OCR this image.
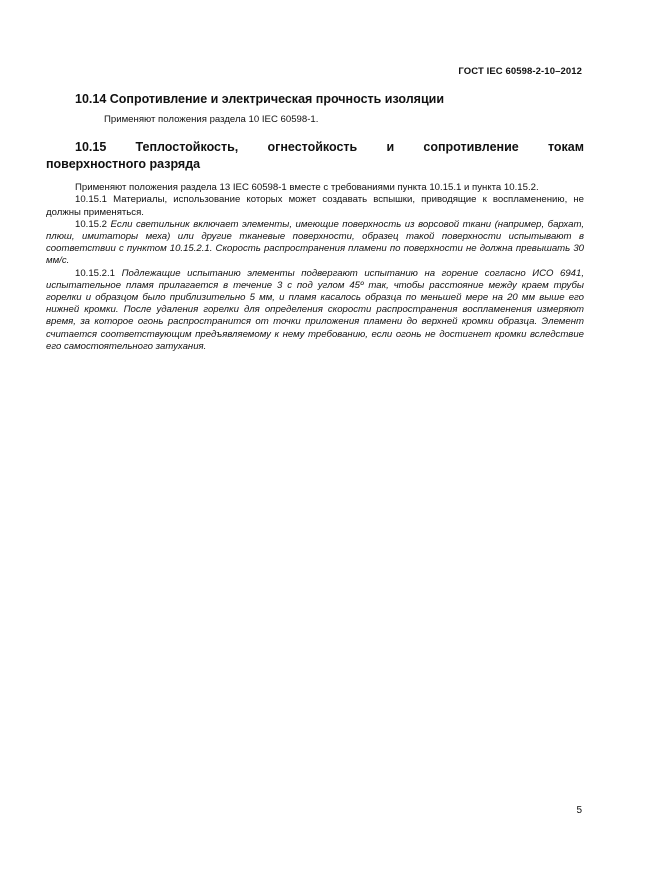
ГОСТ IEC 60598-2-10–2012
10.14 Сопротивление и электрическая прочность изоляции

Применяют положения раздела 10 IEC 60598-1.

10.15 Теплостойкость, огнестойкость и сопротивление токам
поверхностного разряда

Применяют положения раздела 13 IEC 60598-1 вместе с требованиями пункта 10.15.1 и пункта 10.15.2.

10.15.1 Материалы, использование которых может создавать вспышки, приводящие к воспламенению, не должны применяться.

10.15.2 Если светильник включает элементы, имеющие поверхность из ворсовой ткани (например, бархат, плюш, имитаторы меха) или другие тканевые поверхности, образец такой поверхности испытывают в соответствии с пунктом 10.15.2.1. Скорость распространения пламени по поверхности не должна превышать 30 мм/с.

10.15.2.1 Подлежащие испытанию элементы подвергают испытанию на горение согласно ИСО 6941, испытательное пламя прилагается в течение 3 с под углом 45º так, чтобы расстояние между краем трубы горелки и образцом было приблизительно 5 мм, и пламя касалось образца по меньшей мере на 20 мм выше его нижней кромки. После удаления горелки для определения скорости распространения воспламенения измеряют время, за которое огонь распространится от точки приложения пламени до верхней кромки образца. Элемент считается соответствующим предъявляемому к нему требованию, если огонь не достигнет кромки вследствие его самостоятельного затухания.

5
